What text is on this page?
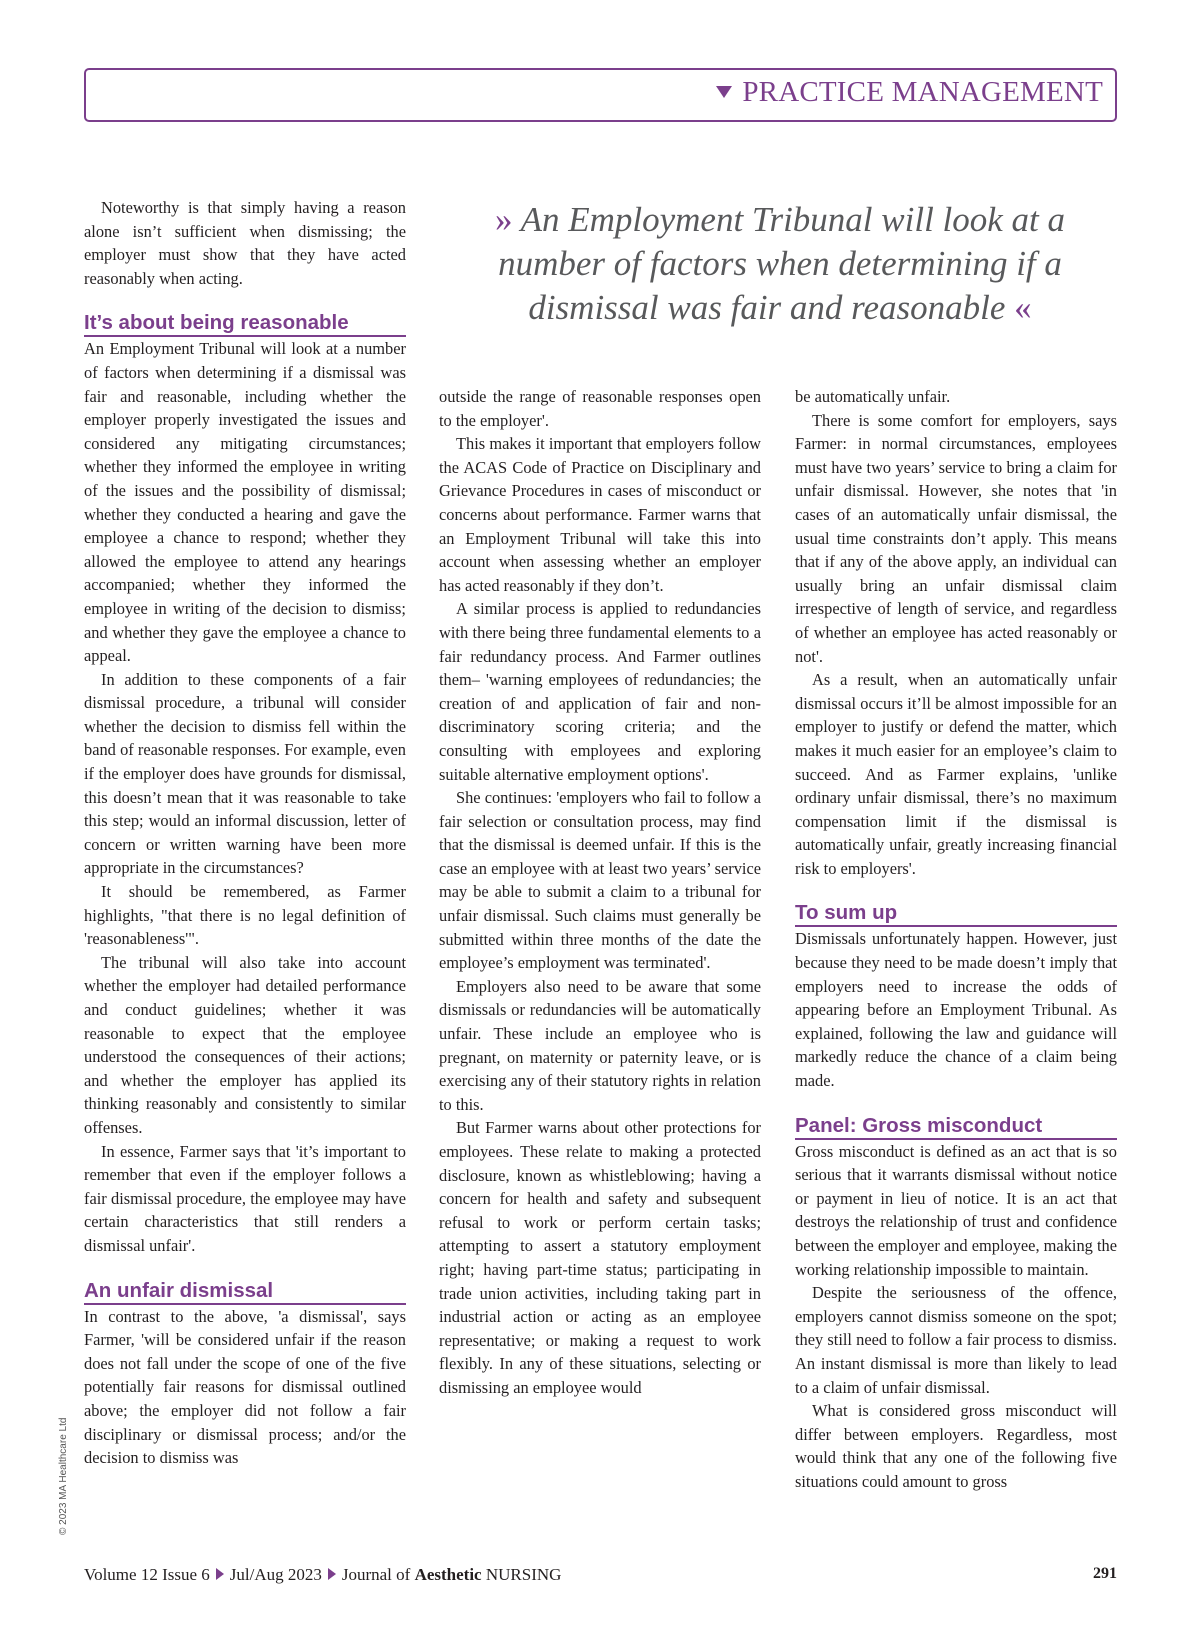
PRACTICE MANAGEMENT
© 2023 MA Healthcare Ltd
» An Employment Tribunal will look at a number of factors when determining if a dismissal was fair and reasonable «

Noteworthy is that simply having a reason alone isn’t sufficient when dismissing; the employer must show that they have acted reasonably when acting.

It’s about being reasonable

An Employment Tribunal will look at a number of factors when determining if a dismissal was fair and reasonable, including whether the employer properly investigated the issues and considered any mitigating circumstances; whether they informed the employee in writing of the issues and the possibility of dismissal; whether they conducted a hearing and gave the employee a chance to respond; whether they allowed the employee to attend any hearings accompanied; whether they informed the employee in writing of the decision to dismiss; and whether they gave the employee a chance to appeal.

In addition to these components of a fair dismissal procedure, a tribunal will consider whether the decision to dismiss fell within the band of reasonable responses. For example, even if the employer does have grounds for dismissal, this doesn’t mean that it was reasonable to take this step; would an informal discussion, letter of concern or written warning have been more appropriate in the circumstances?

It should be remembered, as Farmer highlights, "that there is no legal definition of 'reasonableness'".

The tribunal will also take into account whether the employer had detailed performance and conduct guidelines; whether it was reasonable to expect that the employee understood the consequences of their actions; and whether the employer has applied its thinking reasonably and consistently to similar offenses.

In essence, Farmer says that 'it’s important to remember that even if the employer follows a fair dismissal procedure, the employee may have certain characteristics that still renders a dismissal unfair'.

An unfair dismissal

In contrast to the above, 'a dismissal', says Farmer, 'will be considered unfair if the reason does not fall under the scope of one of the five potentially fair reasons for dismissal outlined above; the employer did not follow a fair disciplinary or dismissal process; and/or the decision to dismiss was

outside the range of reasonable responses open to the employer'.

This makes it important that employers follow the ACAS Code of Practice on Disciplinary and Grievance Procedures in cases of misconduct or concerns about performance. Farmer warns that an Employment Tribunal will take this into account when assessing whether an employer has acted reasonably if they don’t.

A similar process is applied to redundancies with there being three fundamental elements to a fair redundancy process. And Farmer outlines them– 'warning employees of redundancies; the creation of and application of fair and non-discriminatory scoring criteria; and the consulting with employees and exploring suitable alternative employment options'.

She continues: 'employers who fail to follow a fair selection or consultation process, may find that the dismissal is deemed unfair. If this is the case an employee with at least two years’ service may be able to submit a claim to a tribunal for unfair dismissal. Such claims must generally be submitted within three months of the date the employee’s employment was terminated'.

Employers also need to be aware that some dismissals or redundancies will be automatically unfair. These include an employee who is pregnant, on maternity or paternity leave, or is exercising any of their statutory rights in relation to this.

But Farmer warns about other protections for employees. These relate to making a protected disclosure, known as whistleblowing; having a concern for health and safety and subsequent refusal to work or perform certain tasks; attempting to assert a statutory employment right; having part-time status; participating in trade union activities, including taking part in industrial action or acting as an employee representative; or making a request to work flexibly. In any of these situations, selecting or dismissing an employee would

be automatically unfair.

There is some comfort for employers, says Farmer: in normal circumstances, employees must have two years’ service to bring a claim for unfair dismissal. However, she notes that 'in cases of an automatically unfair dismissal, the usual time constraints don’t apply. This means that if any of the above apply, an individual can usually bring an unfair dismissal claim irrespective of length of service, and regardless of whether an employee has acted reasonably or not'.

As a result, when an automatically unfair dismissal occurs it’ll be almost impossible for an employer to justify or defend the matter, which makes it much easier for an employee’s claim to succeed. And as Farmer explains, 'unlike ordinary unfair dismissal, there’s no maximum compensation limit if the dismissal is automatically unfair, greatly increasing financial risk to employers'.

To sum up

Dismissals unfortunately happen. However, just because they need to be made doesn’t imply that employers need to increase the odds of appearing before an Employment Tribunal. As explained, following the law and guidance will markedly reduce the chance of a claim being made.

Panel: Gross misconduct

Gross misconduct is defined as an act that is so serious that it warrants dismissal without notice or payment in lieu of notice. It is an act that destroys the relationship of trust and confidence between the employer and employee, making the working relationship impossible to maintain.

Despite the seriousness of the offence, employers cannot dismiss someone on the spot; they still need to follow a fair process to dismiss. An instant dismissal is more than likely to lead to a claim of unfair dismissal.

What is considered gross misconduct will differ between employers. Regardless, most would think that any one of the following five situations could amount to gross

Volume 12 Issue 6 Jul/Aug 2023 Journal of Aesthetic NURSING	291
